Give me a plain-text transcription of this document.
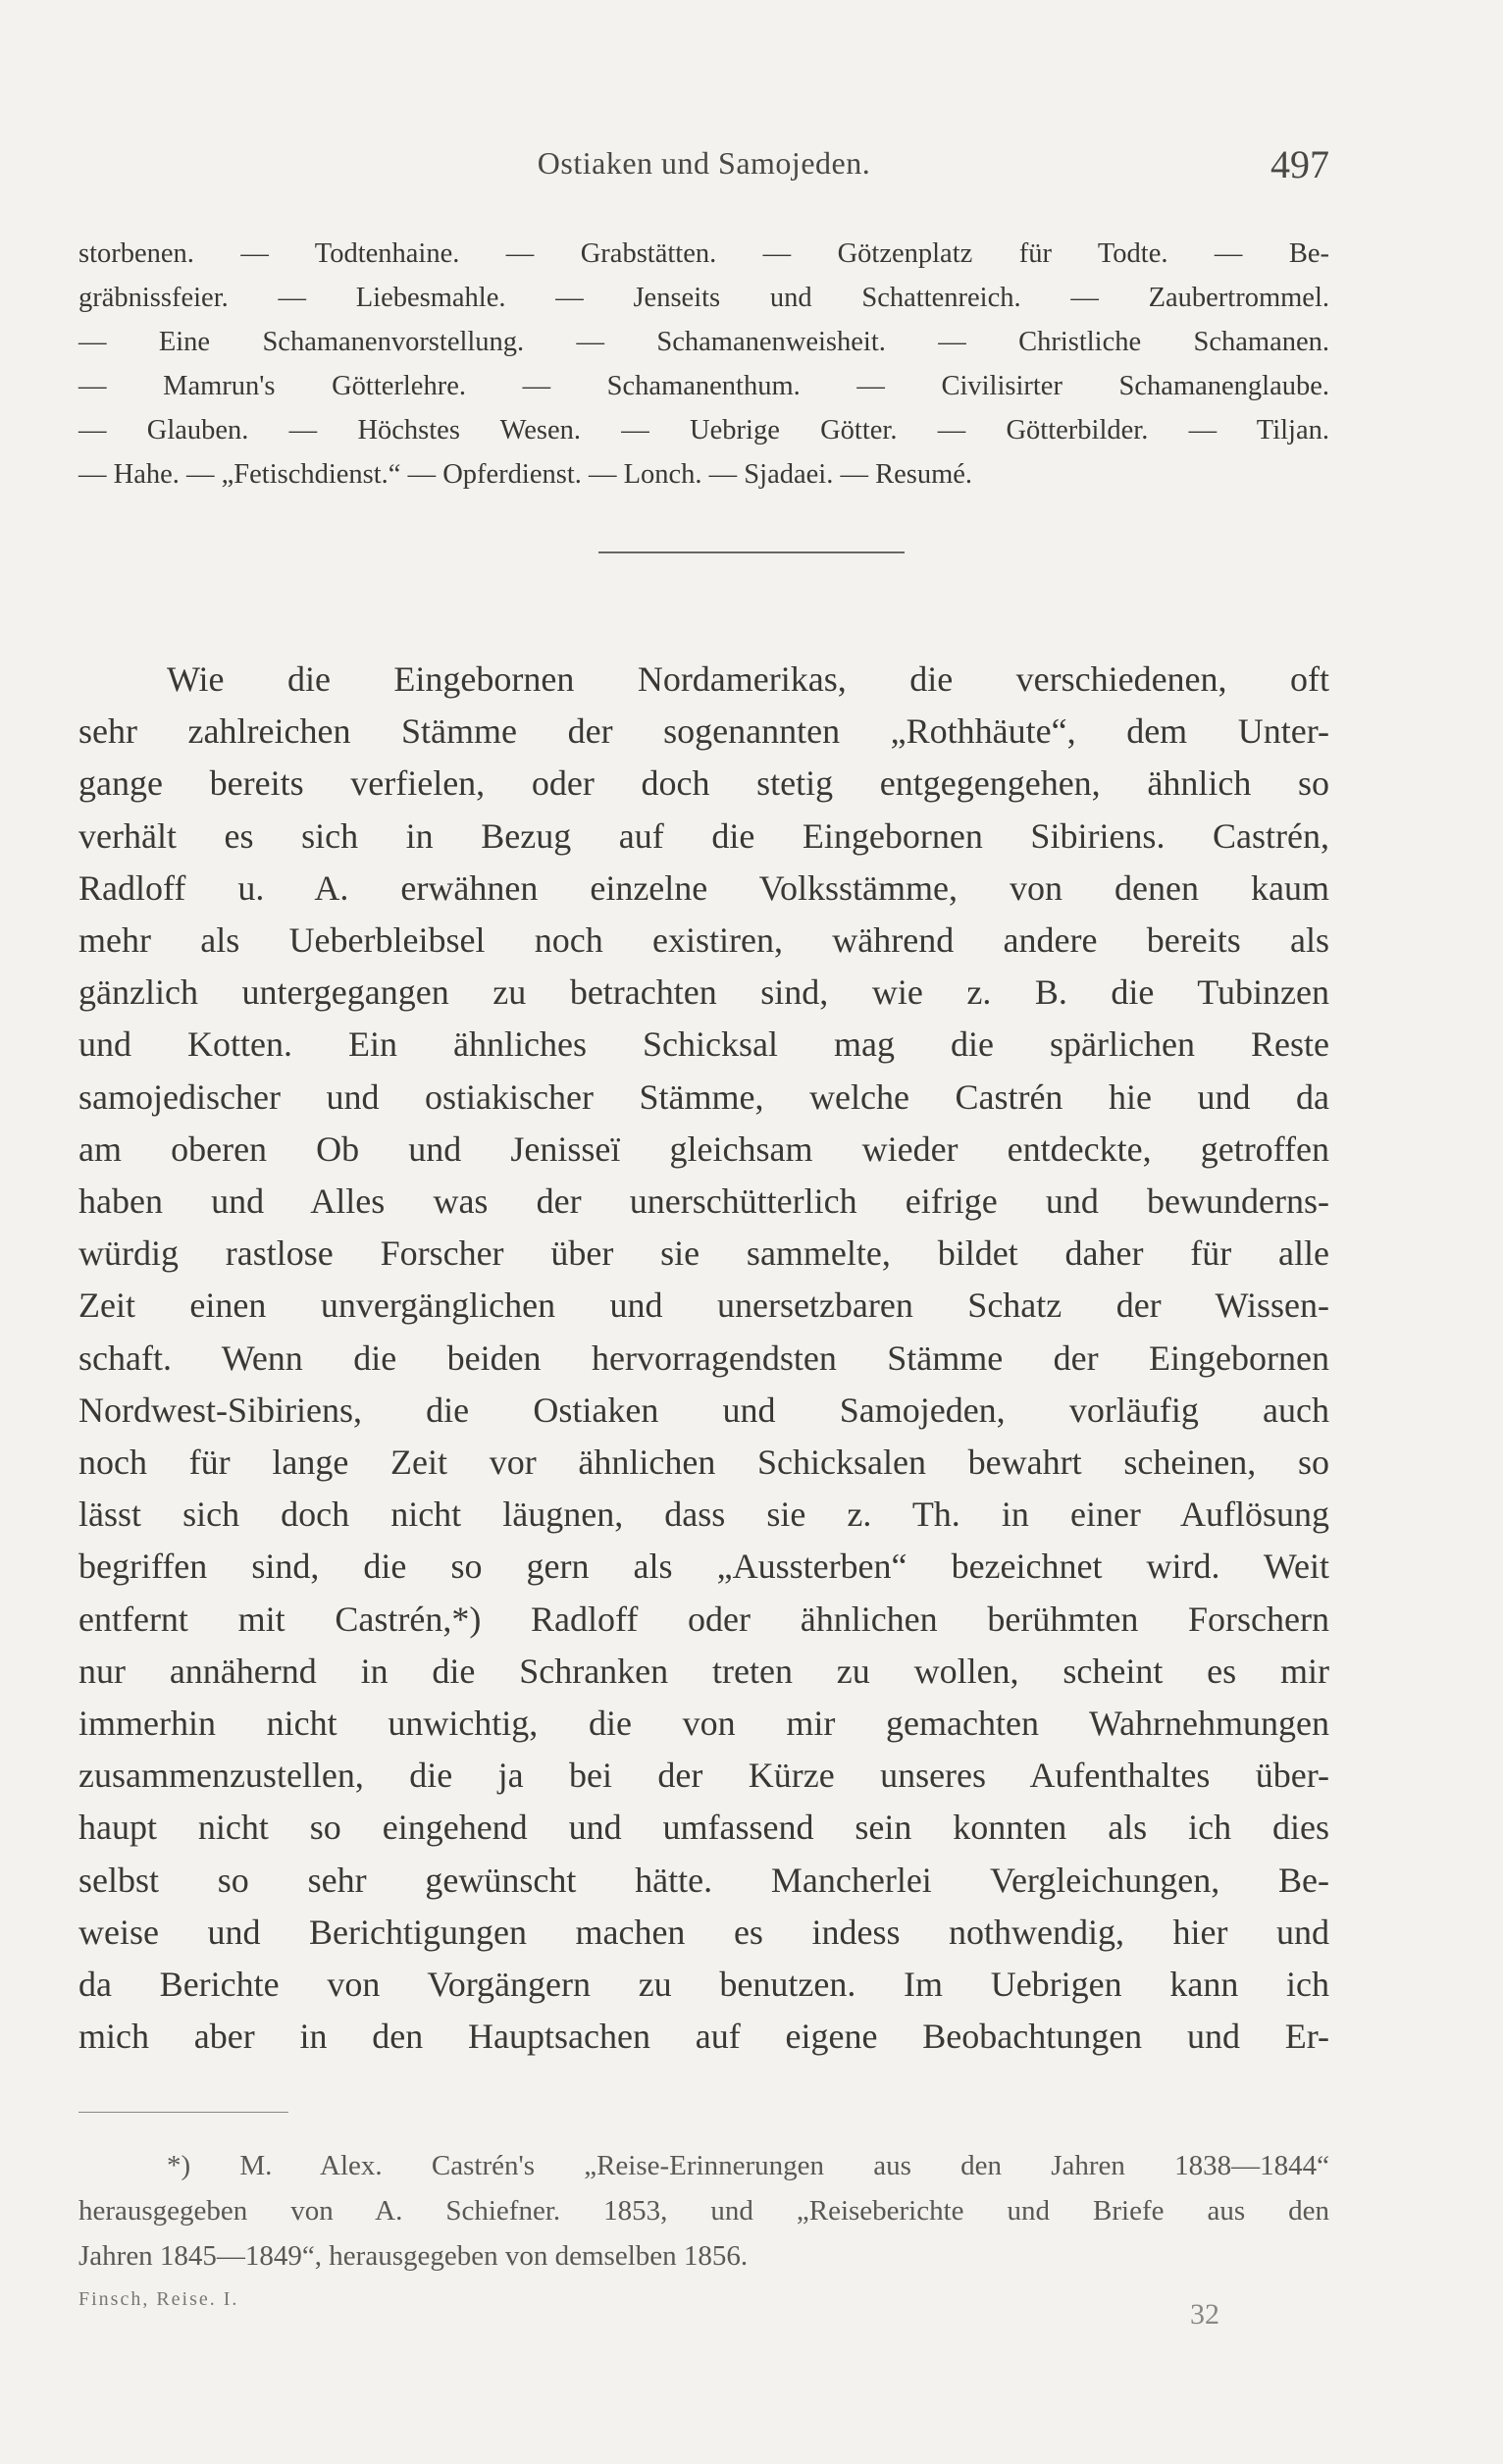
Ostiaken und Samojeden.	497
storbenen. — Todtenhaine. — Grabstätten. — Götzenplatz für Todte. — Be-
gräbnissfeier. — Liebesmahle. — Jenseits und Schattenreich. — Zaubertrommel.
— Eine Schamanenvorstellung. — Schamanenweisheit. — Christliche Schamanen.
— Mamrun's Götterlehre. — Schamanenthum. — Civilisirter Schamanenglaube.
— Glauben. — Höchstes Wesen. — Uebrige Götter. — Götterbilder. — Tiljan.
— Hahe. — „Fetischdienst.“ — Opferdienst. — Lonch. — Sjadaei. — Resumé.
Wie die Eingebornen Nordamerikas, die verschiedenen, oft
sehr zahlreichen Stämme der sogenannten „Rothhäute“, dem Unter-
gange bereits verfielen, oder doch stetig entgegengehen, ähnlich so
verhält es sich in Bezug auf die Eingebornen Sibiriens. Castrén,
Radloff u. A. erwähnen einzelne Volksstämme, von denen kaum
mehr als Ueberbleibsel noch existiren, während andere bereits als
gänzlich untergegangen zu betrachten sind, wie z. B. die Tubinzen
und Kotten. Ein ähnliches Schicksal mag die spärlichen Reste
samojedischer und ostiakischer Stämme, welche Castrén hie und da
am oberen Ob und Jenisseï gleichsam wieder entdeckte, getroffen
haben und Alles was der unerschütterlich eifrige und bewunderns-
würdig rastlose Forscher über sie sammelte, bildet daher für alle
Zeit einen unvergänglichen und unersetzbaren Schatz der Wissen-
schaft. Wenn die beiden hervorragendsten Stämme der Eingebornen
Nordwest-Sibiriens, die Ostiaken und Samojeden, vorläufig auch
noch für lange Zeit vor ähnlichen Schicksalen bewahrt scheinen, so
lässt sich doch nicht läugnen, dass sie z. Th. in einer Auflösung
begriffen sind, die so gern als „Aussterben“ bezeichnet wird. Weit
entfernt mit Castrén,*) Radloff oder ähnlichen berühmten Forschern
nur annähernd in die Schranken treten zu wollen, scheint es mir
immerhin nicht unwichtig, die von mir gemachten Wahrnehmungen
zusammenzustellen, die ja bei der Kürze unseres Aufenthaltes über-
haupt nicht so eingehend und umfassend sein konnten als ich dies
selbst so sehr gewünscht hätte. Mancherlei Vergleichungen, Be-
weise und Berichtigungen machen es indess nothwendig, hier und
da Berichte von Vorgängern zu benutzen. Im Uebrigen kann ich
mich aber in den Hauptsachen auf eigene Beobachtungen und Er-
*) M. Alex. Castrén's „Reise-Erinnerungen aus den Jahren 1838—1844“
herausgegeben von A. Schiefner. 1853, und „Reiseberichte und Briefe aus den
Jahren 1845—1849“, herausgegeben von demselben 1856.
Finsch, Reise. I.	32
